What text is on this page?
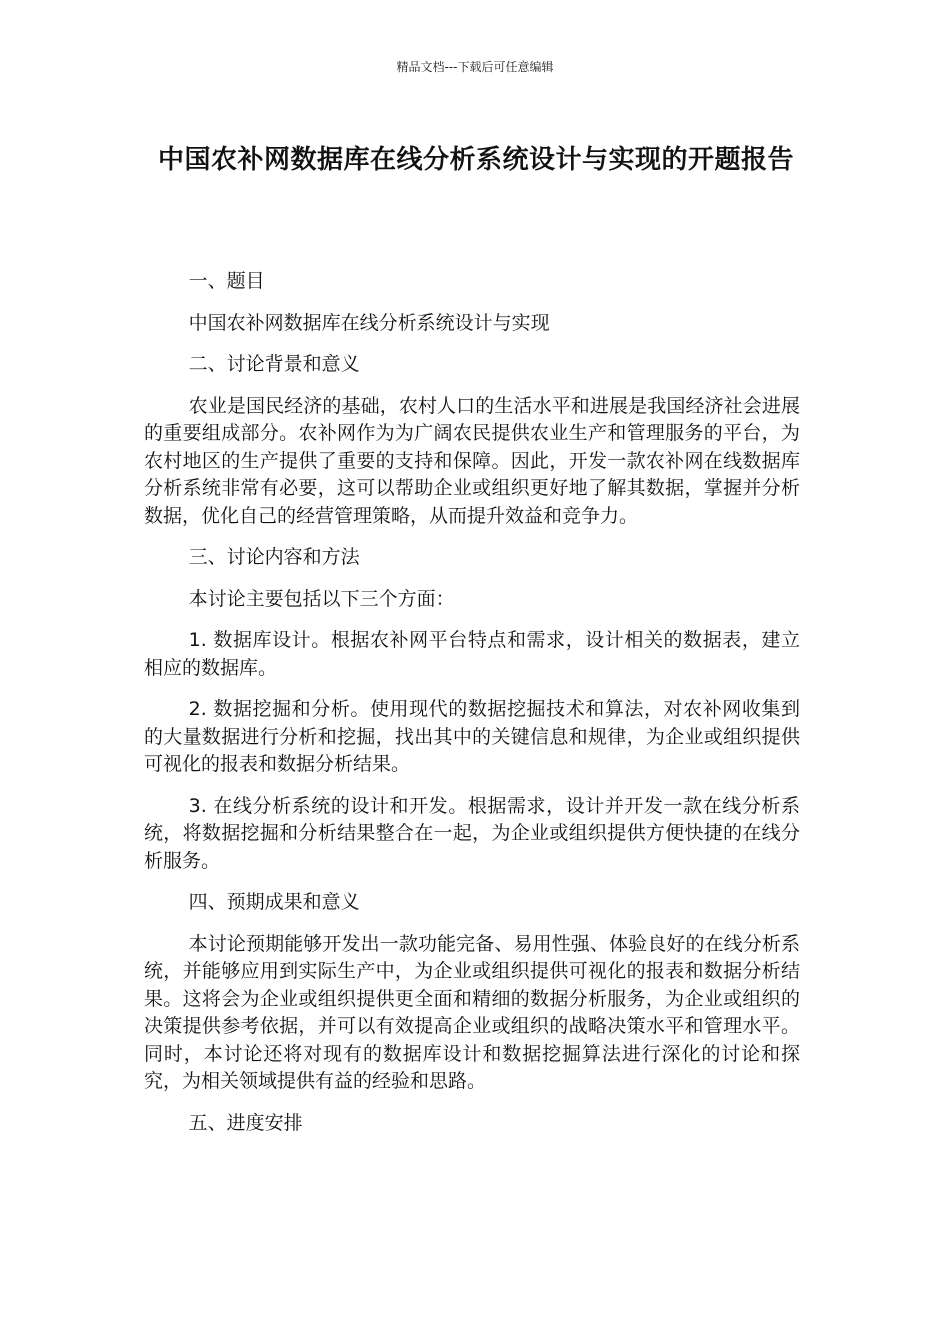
精品文档---下载后可任意编辑
中国农补网数据库在线分析系统设计与实现的开题报告

一、题目

中国农补网数据库在线分析系统设计与实现

二、讨论背景和意义

农业是国民经济的基础，农村人口的生活水平和进展是我国经济社会进展的重要组成部分。农补网作为为广阔农民提供农业生产和管理服务的平台，为农村地区的生产提供了重要的支持和保障。因此，开发一款农补网在线数据库分析系统非常有必要，这可以帮助企业或组织更好地了解其数据，掌握并分析数据，优化自己的经营管理策略，从而提升效益和竞争力。

三、讨论内容和方法

本讨论主要包括以下三个方面：

1. 数据库设计。根据农补网平台特点和需求，设计相关的数据表，建立相应的数据库。

2. 数据挖掘和分析。使用现代的数据挖掘技术和算法，对农补网收集到的大量数据进行分析和挖掘，找出其中的关键信息和规律，为企业或组织提供可视化的报表和数据分析结果。

3. 在线分析系统的设计和开发。根据需求，设计并开发一款在线分析系统，将数据挖掘和分析结果整合在一起，为企业或组织提供方便快捷的在线分析服务。

四、预期成果和意义

本讨论预期能够开发出一款功能完备、易用性强、体验良好的在线分析系统，并能够应用到实际生产中，为企业或组织提供可视化的报表和数据分析结果。这将会为企业或组织提供更全面和精细的数据分析服务，为企业或组织的决策提供参考依据，并可以有效提高企业或组织的战略决策水平和管理水平。同时，本讨论还将对现有的数据库设计和数据挖掘算法进行深化的讨论和探究，为相关领域提供有益的经验和思路。

五、进度安排
